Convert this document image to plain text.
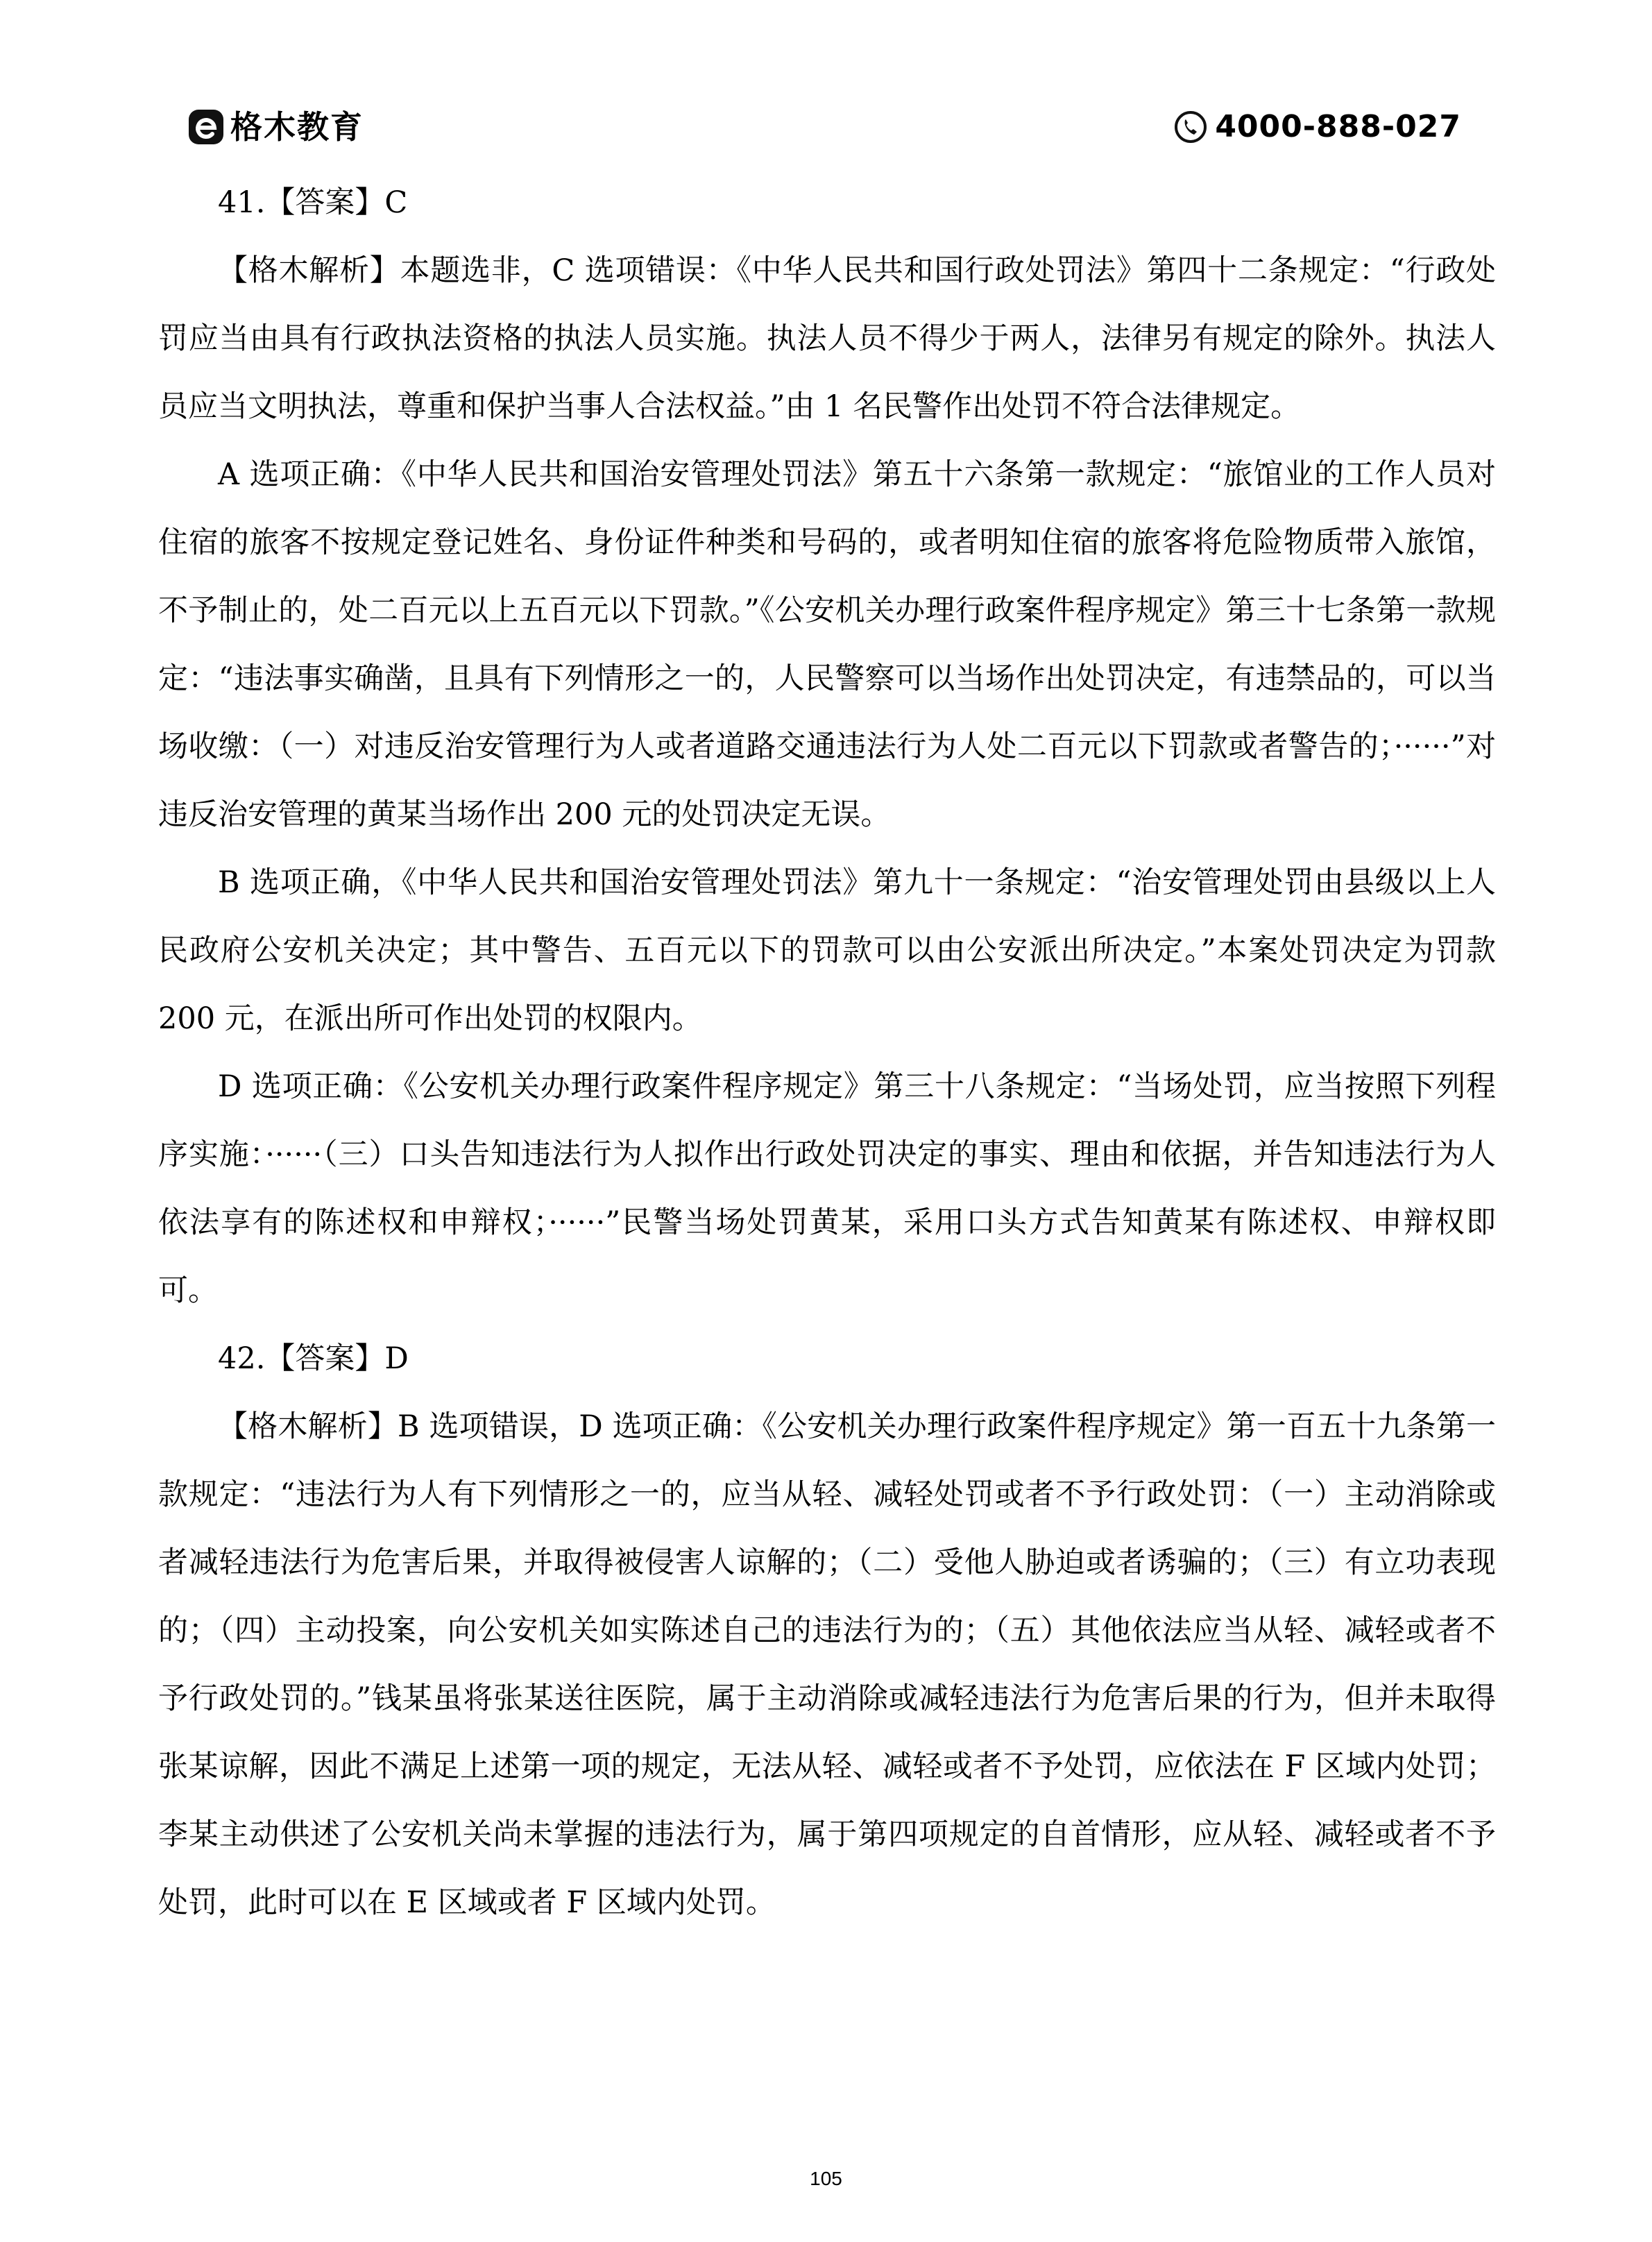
格木教育	4000-888-027

41.【答案】C

【格木解析】本题选非，C 选项错误：《中华人民共和国行政处罚法》第四十二条规定：“行政处罚应当由具有行政执法资格的执法人员实施。执法人员不得少于两人，法律另有规定的除外。执法人员应当文明执法，尊重和保护当事人合法权益。”由 1 名民警作出处罚不符合法律规定。

A 选项正确：《中华人民共和国治安管理处罚法》第五十六条第一款规定：“旅馆业的工作人员对住宿的旅客不按规定登记姓名、身份证件种类和号码的，或者明知住宿的旅客将危险物质带入旅馆，不予制止的，处二百元以上五百元以下罚款。”《公安机关办理行政案件程序规定》第三十七条第一款规定：“违法事实确凿，且具有下列情形之一的，人民警察可以当场作出处罚决定，有违禁品的，可以当场收缴：（一）对违反治安管理行为人或者道路交通违法行为人处二百元以下罚款或者警告的；······”对违反治安管理的黄某当场作出 200 元的处罚决定无误。

B 选项正确，《中华人民共和国治安管理处罚法》第九十一条规定：“治安管理处罚由县级以上人民政府公安机关决定；其中警告、五百元以下的罚款可以由公安派出所决定。”本案处罚决定为罚款 200 元，在派出所可作出处罚的权限内。

D 选项正确：《公安机关办理行政案件程序规定》第三十八条规定：“当场处罚，应当按照下列程序实施：······（三）口头告知违法行为人拟作出行政处罚决定的事实、理由和依据，并告知违法行为人依法享有的陈述权和申辩权；······”民警当场处罚黄某，采用口头方式告知黄某有陈述权、申辩权即可。

42.【答案】D

【格木解析】B 选项错误，D 选项正确：《公安机关办理行政案件程序规定》第一百五十九条第一款规定：“违法行为人有下列情形之一的，应当从轻、减轻处罚或者不予行政处罚：（一）主动消除或者减轻违法行为危害后果，并取得被侵害人谅解的；（二）受他人胁迫或者诱骗的；（三）有立功表现的；（四）主动投案，向公安机关如实陈述自己的违法行为的；（五）其他依法应当从轻、减轻或者不予行政处罚的。”钱某虽将张某送往医院，属于主动消除或减轻违法行为危害后果的行为，但并未取得张某谅解，因此不满足上述第一项的规定，无法从轻、减轻或者不予处罚，应依法在 F 区域内处罚；李某主动供述了公安机关尚未掌握的违法行为，属于第四项规定的自首情形，应从轻、减轻或者不予处罚，此时可以在 E 区域或者 F 区域内处罚。

105
